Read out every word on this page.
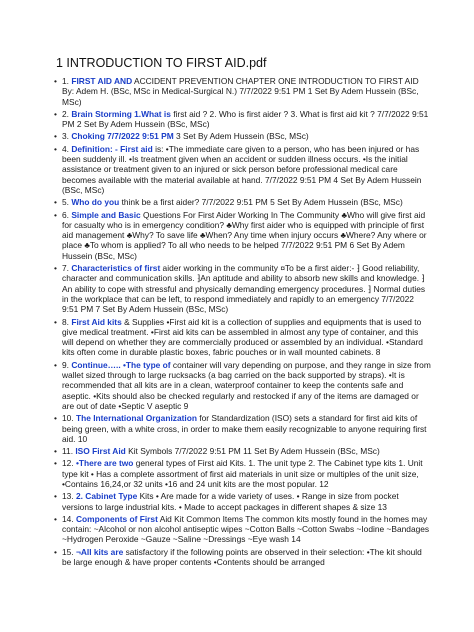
1 INTRODUCTION TO FIRST AID.pdf
• 1. FIRST AID AND ACCIDENT PREVENTION CHAPTER ONE INTRODUCTION TO FIRST AID By: Adem H. (BSc, MSc in Medical-Surgical N.) 7/7/2022 9:51 PM 1 Set By Adem Hussein (BSc, MSc)
• 2. Brain Storming 1.What is first aid ? 2. Who is first aider ? 3. What is first aid kit ? 7/7/2022 9:51 PM 2 Set By Adem Hussein (BSc, MSc)
• 3. Choking 7/7/2022 9:51 PM 3 Set By Adem Hussein (BSc, MSc)
• 4. Definition: - First aid is: •The immediate care given to a person, who has been injured or has been suddenly ill. •Is treatment given when an accident or sudden illness occurs. •Is the initial assistance or treatment given to an injured or sick person before professional medical care becomes available with the material available at hand. 7/7/2022 9:51 PM 4 Set By Adem Hussein (BSc, MSc)
• 5. Who do you think be a first aider? 7/7/2022 9:51 PM 5 Set By Adem Hussein (BSc, MSc)
• 6. Simple and Basic Questions For First Aider Working In The Community ♣Who will give first aid for casualty who is in emergency condition? ♣Why first aider who is equipped with principle of first aid management ♣Why? To save life ♣When? Any time when injury occurs ♣Where? Any where or place ♣To whom is applied? To all who needs to be helped 7/7/2022 9:51 PM 6 Set By Adem Hussein (BSc, MSc)
• 7. Characteristics of first aider working in the community ¤To be a first aider:- ⁆ Good reliability, character and communication skills. ⁆An aptitude and ability to absorb new skills and knowledge. ⁆An ability to cope with stressful and physically demanding emergency procedures. ⁆ Normal duties in the workplace that can be left, to respond immediately and rapidly to an emergency 7/7/2022 9:51 PM 7 Set By Adem Hussein (BSc, MSc)
• 8. First Aid kits & Supplies •First aid kit is a collection of supplies and equipments that is used to give medical treatment. •First aid kits can be assembled in almost any type of container, and this will depend on whether they are commercially produced or assembled by an individual. •Standard kits often come in durable plastic boxes, fabric pouches or in wall mounted cabinets. 8
• 9. Continue….. •The type of container will vary depending on purpose, and they range in size from wallet sized through to large rucksacks (a bag carried on the back supported by straps). •It is recommended that all kits are in a clean, waterproof container to keep the contents safe and aseptic. •Kits should also be checked regularly and restocked if any of the items are damaged or are out of date •Septic V aseptic 9
• 10. The International Organization for Standardization (ISO) sets a standard for first aid kits of being green, with a white cross, in order to make them easily recognizable to anyone requiring first aid. 10
• 11. ISO First Aid Kit Symbols 7/7/2022 9:51 PM 11 Set By Adem Hussein (BSc, MSc)
• 12. •There are two general types of First aid Kits. 1. The unit type 2. The Cabinet type kits 1. Unit type kit • Has a complete assortment of first aid materials in unit size or multiples of the unit size, •Contains 16,24,or 32 units •16 and 24 unit kits are the most popular. 12
• 13. 2. Cabinet Type Kits • Are made for a wide variety of uses. • Range in size from pocket versions to large industrial kits. • Made to accept packages in different shapes & size 13
• 14. Components of First Aid Kit Common Items The common kits mostly found in the homes may contain: ~Alcohol or non alcohol antiseptic wipes ~Cotton Balls ~Cotton Swabs ~Iodine ~Bandages ~Hydrogen Peroxide ~Gauze ~Saline ~Dressings ~Eye wash 14
• 15. ¬All kits are satisfactory if the following points are observed in their selection: •The kit should be large enough & have proper contents •Contents should be arranged
